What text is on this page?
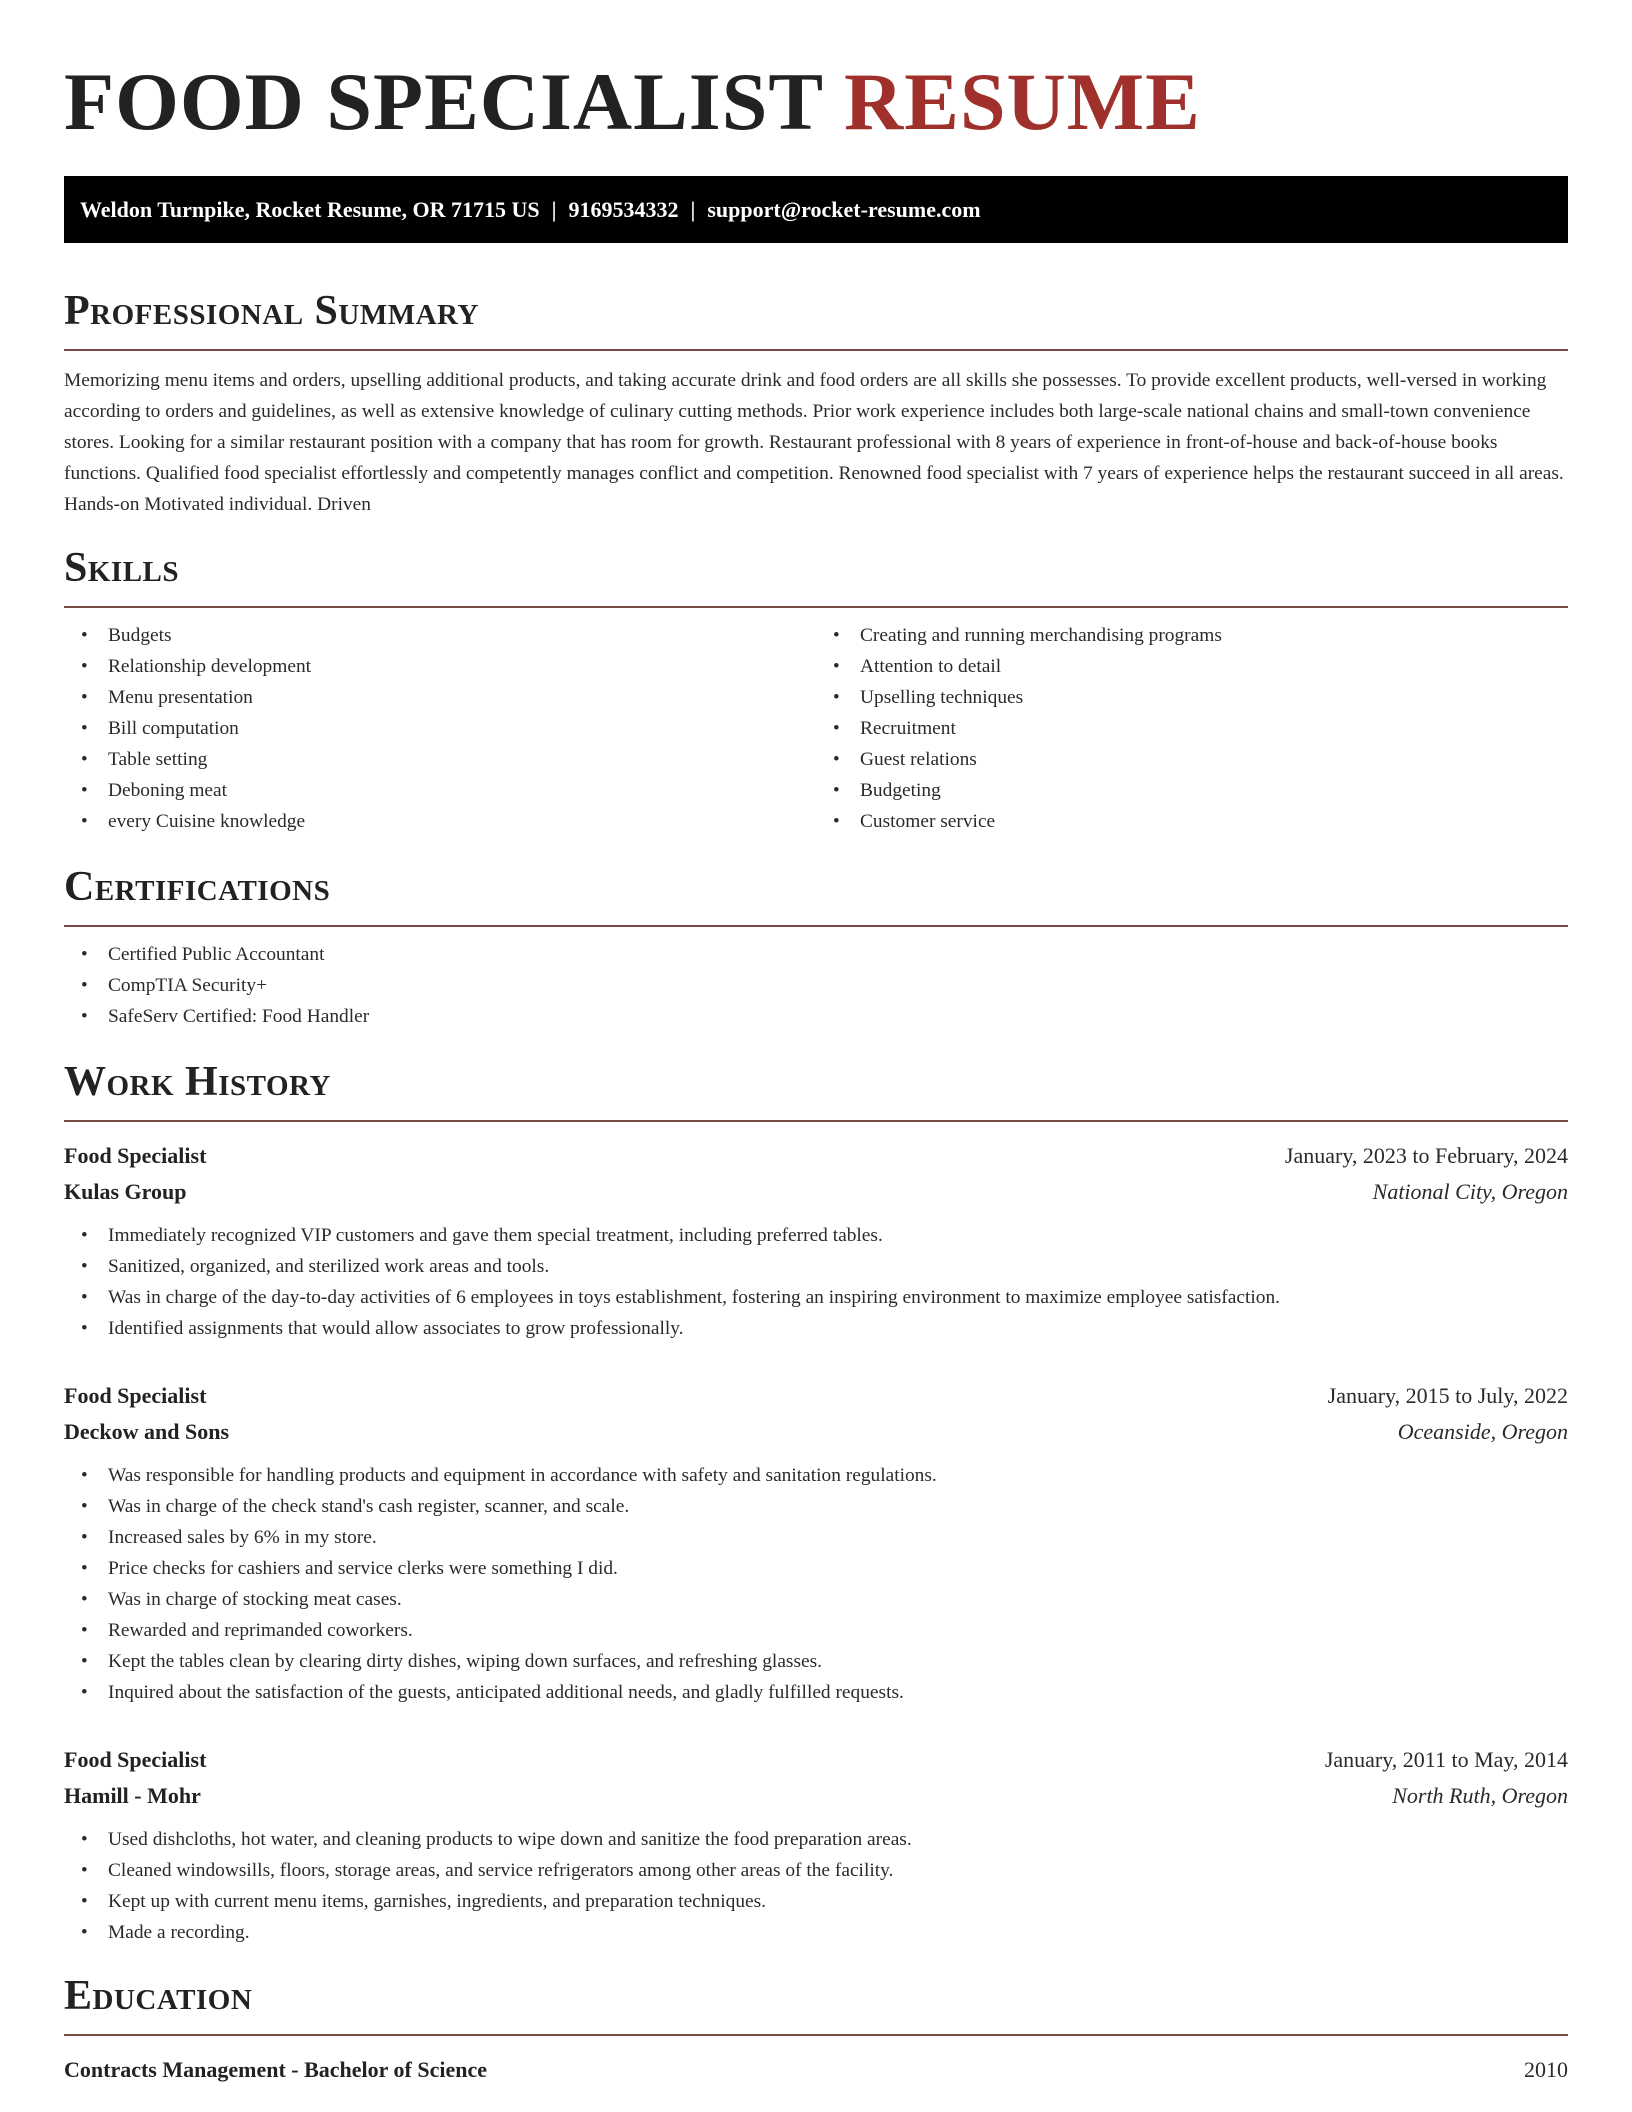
FOOD SPECIALIST RESUME
Weldon Turnpike, Rocket Resume, OR 71715 US | 9169534332 | support@rocket-resume.com
Professional Summary

Memorizing menu items and orders, upselling additional products, and taking accurate drink and food orders are all skills she possesses. To provide excellent products, well-versed in working according to orders and guidelines, as well as extensive knowledge of culinary cutting methods. Prior work experience includes both large-scale national chains and small-town convenience stores. Looking for a similar restaurant position with a company that has room for growth. Restaurant professional with 8 years of experience in front-of-house and back-of-house books functions. Qualified food specialist effortlessly and competently manages conflict and competition. Renowned food specialist with 7 years of experience helps the restaurant succeed in all areas. Hands-on Motivated individual. Driven

Skills
• Budgets
• Relationship development
• Menu presentation
• Bill computation
• Table setting
• Deboning meat
• every Cuisine knowledge
• Creating and running merchandising programs
• Attention to detail
• Upselling techniques
• Recruitment
• Guest relations
• Budgeting
• Customer service
Certifications
• Certified Public Accountant
• CompTIA Security+
• SafeServ Certified: Food Handler
Work History
Food Specialist	January, 2023 to February, 2024
Kulas Group	National City, Oregon
• Immediately recognized VIP customers and gave them special treatment, including preferred tables.
• Sanitized, organized, and sterilized work areas and tools.
• Was in charge of the day-to-day activities of 6 employees in toys establishment, fostering an inspiring environment to maximize employee satisfaction.
• Identified assignments that would allow associates to grow professionally.
Food Specialist	January, 2015 to July, 2022
Deckow and Sons	Oceanside, Oregon
• Was responsible for handling products and equipment in accordance with safety and sanitation regulations.
• Was in charge of the check stand's cash register, scanner, and scale.
• Increased sales by 6% in my store.
• Price checks for cashiers and service clerks were something I did.
• Was in charge of stocking meat cases.
• Rewarded and reprimanded coworkers.
• Kept the tables clean by clearing dirty dishes, wiping down surfaces, and refreshing glasses.
• Inquired about the satisfaction of the guests, anticipated additional needs, and gladly fulfilled requests.
Food Specialist	January, 2011 to May, 2014
Hamill - Mohr	North Ruth, Oregon
• Used dishcloths, hot water, and cleaning products to wipe down and sanitize the food preparation areas.
• Cleaned windowsills, floors, storage areas, and service refrigerators among other areas of the facility.
• Kept up with current menu items, garnishes, ingredients, and preparation techniques.
• Made a recording.
Education
Contracts Management - Bachelor of Science	2010
